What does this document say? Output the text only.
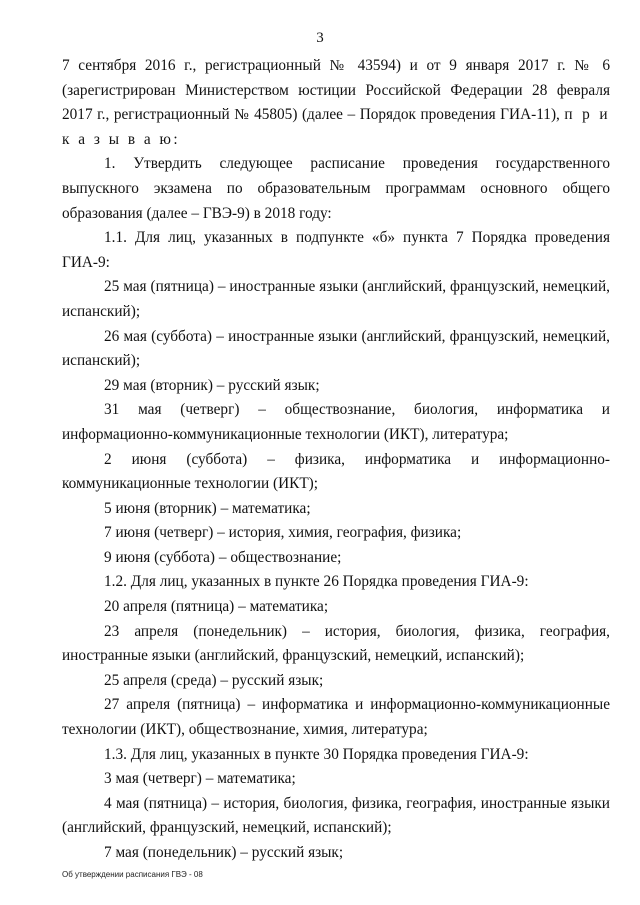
3

7 сентября 2016 г., регистрационный № 43594) и от 9 января 2017 г. № 6 (зарегистрирован Министерством юстиции Российской Федерации 28 февраля 2017 г., регистрационный № 45805) (далее – Порядок проведения ГИА-11), п р и к а з ы в а ю:

1. Утвердить следующее расписание проведения государственного выпускного экзамена по образовательным программам основного общего образования (далее – ГВЭ-9) в 2018 году:

1.1. Для лиц, указанных в подпункте «б» пункта 7 Порядка проведения ГИА-9:

25 мая (пятница) – иностранные языки (английский, французский, немецкий, испанский);

26 мая (суббота) – иностранные языки (английский, французский, немецкий, испанский);

29 мая (вторник) – русский язык;

31 мая (четверг) – обществознание, биология, информатика и информационно-коммуникационные технологии (ИКТ), литература;

2 июня (суббота) – физика, информатика и информационно-коммуникационные технологии (ИКТ);

5 июня (вторник) – математика;

7 июня (четверг) – история, химия, география, физика;

9 июня (суббота) – обществознание;

1.2. Для лиц, указанных в пункте 26 Порядка проведения ГИА-9:

20 апреля (пятница) – математика;

23 апреля (понедельник) – история, биология, физика, география, иностранные языки (английский, французский, немецкий, испанский);

25 апреля (среда) – русский язык;

27 апреля (пятница) – информатика и информационно-коммуникационные технологии (ИКТ), обществознание, химия, литература;

1.3. Для лиц, указанных в пункте 30 Порядка проведения ГИА-9:

3 мая (четверг) – математика;

4 мая (пятница) – история, биология, физика, география, иностранные языки (английский, французский, немецкий, испанский);

7 мая (понедельник) – русский язык;

Об утверждении расписания ГВЭ - 08
